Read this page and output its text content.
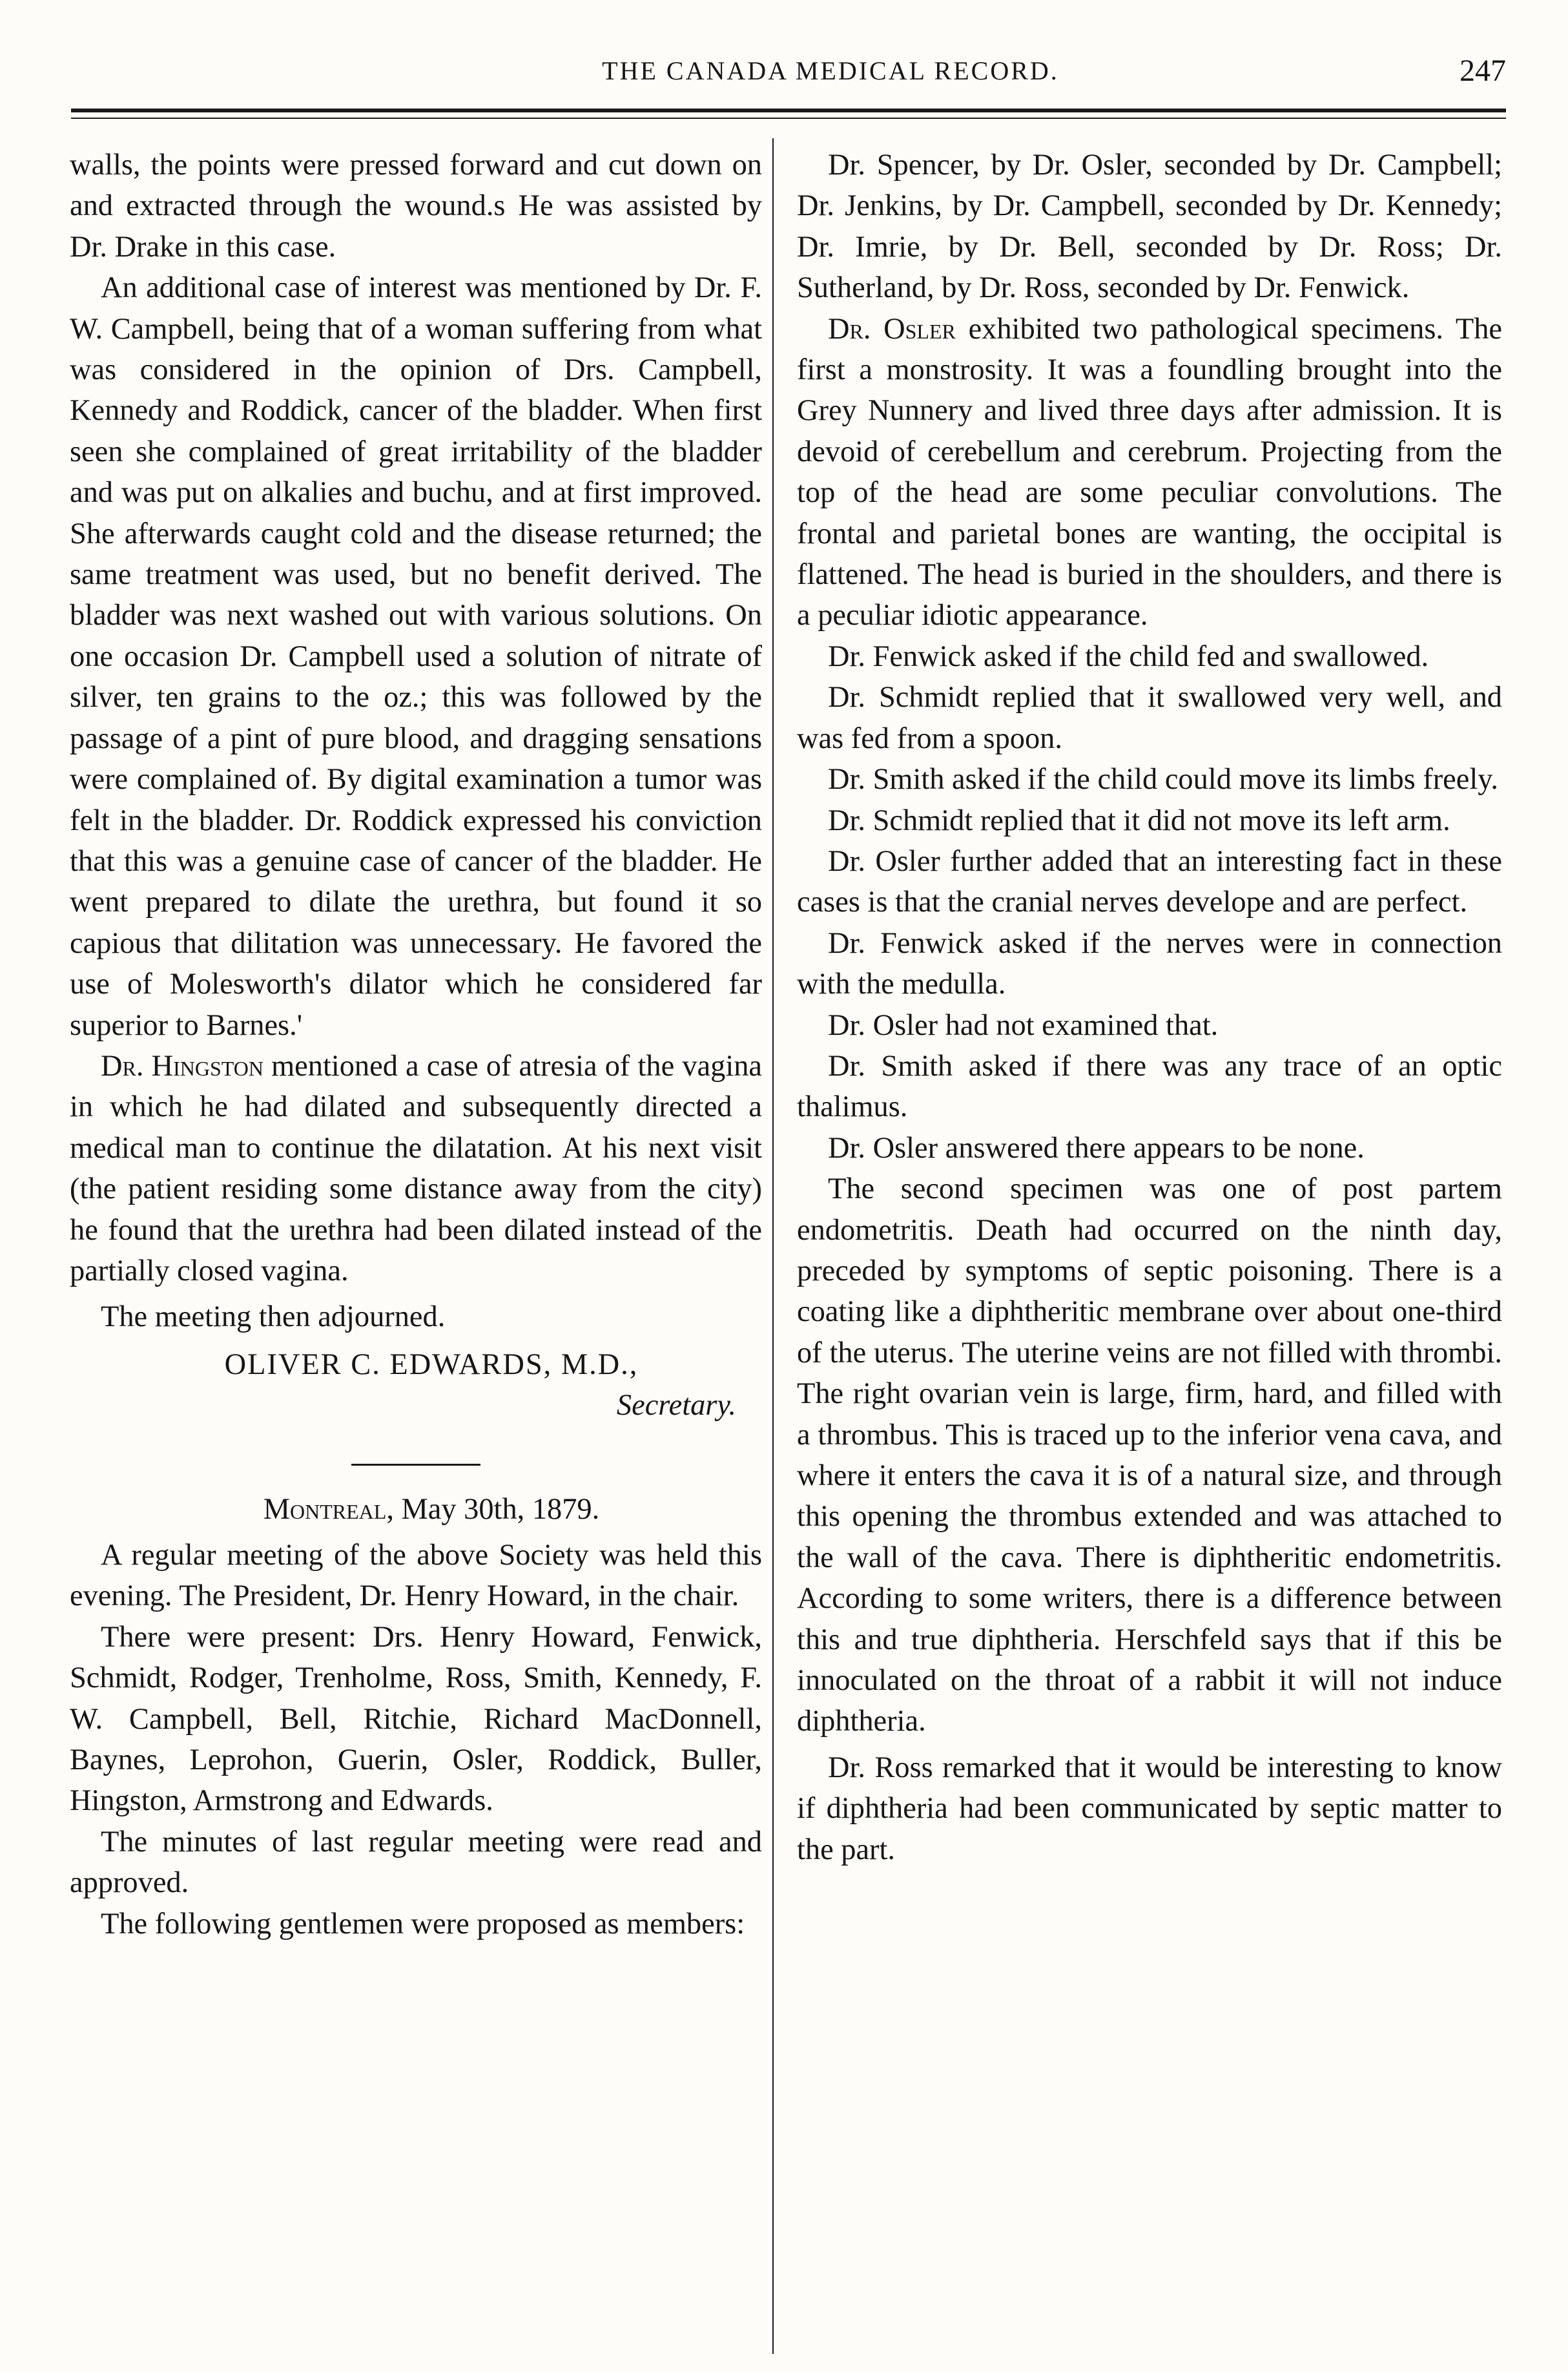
THE CANADA MEDICAL RECORD.	247

walls, the points were pressed forward and cut down on and extracted through the wound.s He was assisted by Dr. Drake in this case.

An additional case of interest was mentioned by Dr. F. W. Campbell, being that of a woman suffering from what was considered in the opinion of Drs. Campbell, Kennedy and Roddick, cancer of the bladder. When first seen she complained of great irritability of the bladder and was put on alkalies and buchu, and at first improved. She afterwards caught cold and the disease returned; the same treatment was used, but no benefit derived. The bladder was next washed out with various solutions. On one occasion Dr. Campbell used a solution of nitrate of silver, ten grains to the oz.; this was followed by the passage of a pint of pure blood, and dragging sensations were complained of. By digital examination a tumor was felt in the bladder. Dr. Roddick expressed his conviction that this was a genuine case of cancer of the bladder. He went prepared to dilate the urethra, but found it so capious that dilitation was unnecessary. He favored the use of Molesworth's dilator which he considered far superior to Barnes.'

Dr. Hingston mentioned a case of atresia of the vagina in which he had dilated and subsequently directed a medical man to continue the dilatation. At his next visit (the patient residing some distance away from the city) he found that the urethra had been dilated instead of the partially closed vagina.

The meeting then adjourned.

OLIVER C. EDWARDS, M.D.,

Secretary.

Montreal, May 30th, 1879.

A regular meeting of the above Society was held this evening. The President, Dr. Henry Howard, in the chair.

There were present: Drs. Henry Howard, Fenwick, Schmidt, Rodger, Trenholme, Ross, Smith, Kennedy, F. W. Campbell, Bell, Ritchie, Richard MacDonnell, Baynes, Leprohon, Guerin, Osler, Roddick, Buller, Hingston, Armstrong and Edwards.

The minutes of last regular meeting were read and approved.

The following gentlemen were proposed as members:

Dr. Spencer, by Dr. Osler, seconded by Dr. Campbell; Dr. Jenkins, by Dr. Campbell, seconded by Dr. Kennedy; Dr. Imrie, by Dr. Bell, seconded by Dr. Ross; Dr. Sutherland, by Dr. Ross, seconded by Dr. Fenwick.

Dr. Osler exhibited two pathological specimens. The first a monstrosity. It was a foundling brought into the Grey Nunnery and lived three days after admission. It is devoid of cerebellum and cerebrum. Projecting from the top of the head are some peculiar convolutions. The frontal and parietal bones are wanting, the occipital is flattened. The head is buried in the shoulders, and there is a peculiar idiotic appearance.

Dr. Fenwick asked if the child fed and swallowed.

Dr. Schmidt replied that it swallowed very well, and was fed from a spoon.

Dr. Smith asked if the child could move its limbs freely.

Dr. Schmidt replied that it did not move its left arm.

Dr. Osler further added that an interesting fact in these cases is that the cranial nerves develope and are perfect.

Dr. Fenwick asked if the nerves were in connection with the medulla.

Dr. Osler had not examined that.

Dr. Smith asked if there was any trace of an optic thalimus.

Dr. Osler answered there appears to be none.

The second specimen was one of post partem endometritis. Death had occurred on the ninth day, preceded by symptoms of septic poisoning. There is a coating like a diphtheritic membrane over about one-third of the uterus. The uterine veins are not filled with thrombi. The right ovarian vein is large, firm, hard, and filled with a thrombus. This is traced up to the inferior vena cava, and where it enters the cava it is of a natural size, and through this opening the thrombus extended and was attached to the wall of the cava. There is diphtheritic endometritis. According to some writers, there is a difference between this and true diphtheria. Herschfeld says that if this be innoculated on the throat of a rabbit it will not induce diphtheria.

Dr. Ross remarked that it would be interesting to know if diphtheria had been communicated by septic matter to the part.
